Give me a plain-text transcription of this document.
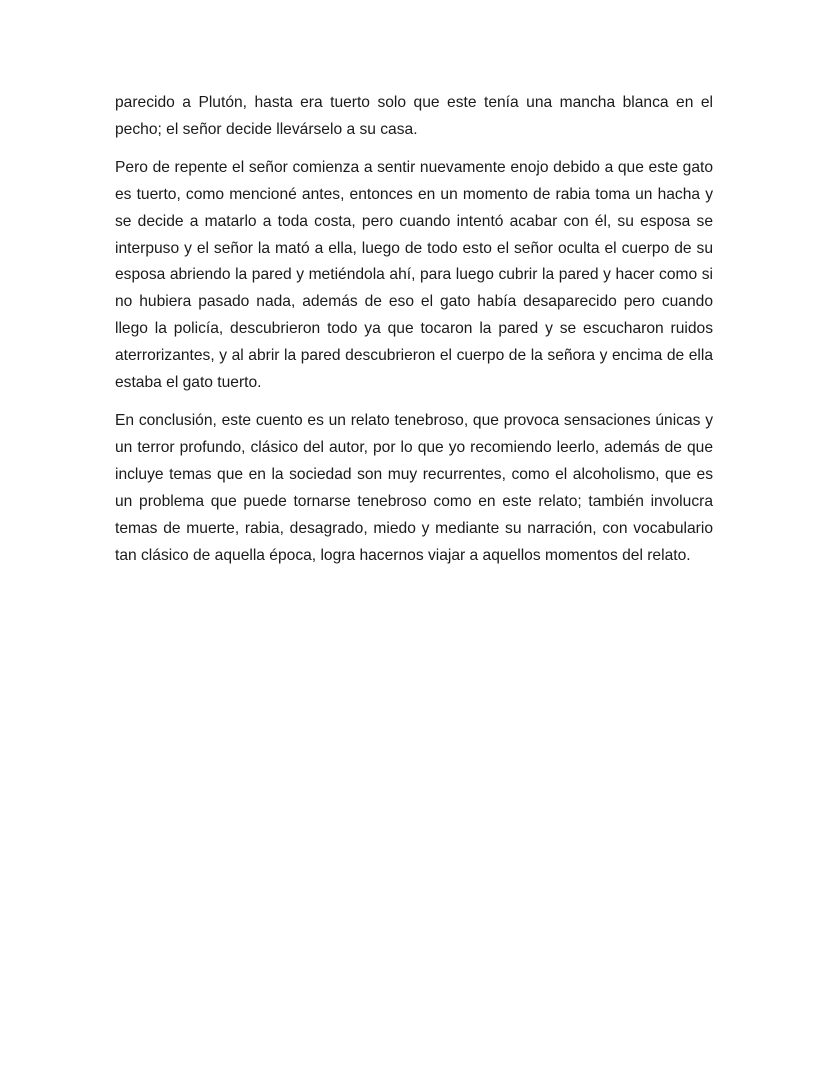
parecido a Plutón, hasta era tuerto solo que este tenía una mancha blanca en el pecho; el señor decide llevárselo a su casa.

Pero de repente el señor comienza a sentir nuevamente enojo debido a que este gato es tuerto, como mencioné antes, entonces en un momento de rabia toma un hacha y se decide a matarlo a toda costa, pero cuando intentó acabar con él, su esposa se interpuso y el señor la mató a ella, luego de todo esto el señor oculta el cuerpo de su esposa abriendo la pared y metiéndola ahí, para luego cubrir la pared y hacer como si no hubiera pasado nada, además de eso el gato había desaparecido pero cuando llego la policía, descubrieron todo ya que tocaron la pared y se escucharon ruidos aterrorizantes, y al abrir la pared descubrieron el cuerpo de la señora y encima de ella estaba el gato tuerto.

En conclusión, este cuento es un relato tenebroso, que provoca sensaciones únicas y un terror profundo, clásico del autor, por lo que yo recomiendo leerlo, además de que incluye temas que en la sociedad son muy recurrentes, como el alcoholismo, que es un problema que puede tornarse tenebroso como en este relato; también involucra temas de muerte, rabia, desagrado, miedo y mediante su narración, con vocabulario tan clásico de aquella época, logra hacernos viajar a aquellos momentos del relato.
